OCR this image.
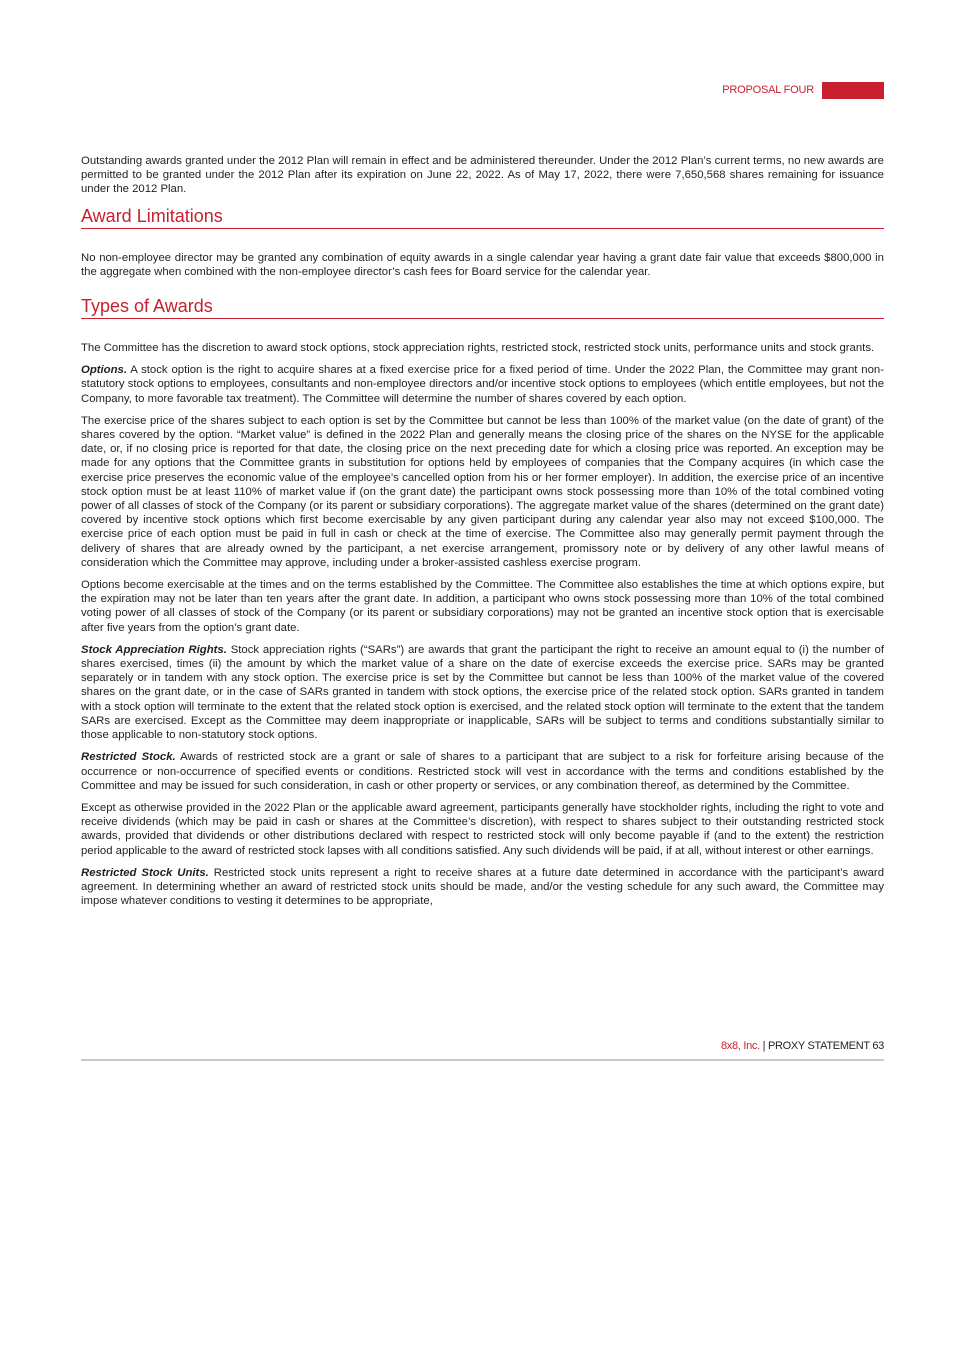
PROPOSAL FOUR

Outstanding awards granted under the 2012 Plan will remain in effect and be administered thereunder. Under the 2012 Plan’s current terms, no new awards are permitted to be granted under the 2012 Plan after its expiration on June 22, 2022. As of May 17, 2022, there were 7,650,568 shares remaining for issuance under the 2012 Plan.

Award Limitations

No non-employee director may be granted any combination of equity awards in a single calendar year having a grant date fair value that exceeds $800,000 in the aggregate when combined with the non-employee director’s cash fees for Board service for the calendar year.

Types of Awards

The Committee has the discretion to award stock options, stock appreciation rights, restricted stock, restricted stock units, performance units and stock grants.

Options. A stock option is the right to acquire shares at a fixed exercise price for a fixed period of time. Under the 2022 Plan, the Committee may grant non-statutory stock options to employees, consultants and non-employee directors and/or incentive stock options to employees (which entitle employees, but not the Company, to more favorable tax treatment). The Committee will determine the number of shares covered by each option.

The exercise price of the shares subject to each option is set by the Committee but cannot be less than 100% of the market value (on the date of grant) of the shares covered by the option. “Market value” is defined in the 2022 Plan and generally means the closing price of the shares on the NYSE for the applicable date, or, if no closing price is reported for that date, the closing price on the next preceding date for which a closing price was reported. An exception may be made for any options that the Committee grants in substitution for options held by employees of companies that the Company acquires (in which case the exercise price preserves the economic value of the employee’s cancelled option from his or her former employer). In addition, the exercise price of an incentive stock option must be at least 110% of market value if (on the grant date) the participant owns stock possessing more than 10% of the total combined voting power of all classes of stock of the Company (or its parent or subsidiary corporations). The aggregate market value of the shares (determined on the grant date) covered by incentive stock options which first become exercisable by any given participant during any calendar year also may not exceed $100,000. The exercise price of each option must be paid in full in cash or check at the time of exercise. The Committee also may generally permit payment through the delivery of shares that are already owned by the participant, a net exercise arrangement, promissory note or by delivery of any other lawful means of consideration which the Committee may approve, including under a broker-assisted cashless exercise program.

Options become exercisable at the times and on the terms established by the Committee. The Committee also establishes the time at which options expire, but the expiration may not be later than ten years after the grant date. In addition, a participant who owns stock possessing more than 10% of the total combined voting power of all classes of stock of the Company (or its parent or subsidiary corporations) may not be granted an incentive stock option that is exercisable after five years from the option’s grant date.

Stock Appreciation Rights. Stock appreciation rights (“SARs”) are awards that grant the participant the right to receive an amount equal to (i) the number of shares exercised, times (ii) the amount by which the market value of a share on the date of exercise exceeds the exercise price. SARs may be granted separately or in tandem with any stock option. The exercise price is set by the Committee but cannot be less than 100% of the market value of the covered shares on the grant date, or in the case of SARs granted in tandem with stock options, the exercise price of the related stock option. SARs granted in tandem with a stock option will terminate to the extent that the related stock option is exercised, and the related stock option will terminate to the extent that the tandem SARs are exercised. Except as the Committee may deem inappropriate or inapplicable, SARs will be subject to terms and conditions substantially similar to those applicable to non-statutory stock options.

Restricted Stock. Awards of restricted stock are a grant or sale of shares to a participant that are subject to a risk for forfeiture arising because of the occurrence or non-occurrence of specified events or conditions. Restricted stock will vest in accordance with the terms and conditions established by the Committee and may be issued for such consideration, in cash or other property or services, or any combination thereof, as determined by the Committee.

Except as otherwise provided in the 2022 Plan or the applicable award agreement, participants generally have stockholder rights, including the right to vote and receive dividends (which may be paid in cash or shares at the Committee’s discretion), with respect to shares subject to their outstanding restricted stock awards, provided that dividends or other distributions declared with respect to restricted stock will only become payable if (and to the extent) the restriction period applicable to the award of restricted stock lapses with all conditions satisfied. Any such dividends will be paid, if at all, without interest or other earnings.

Restricted Stock Units. Restricted stock units represent a right to receive shares at a future date determined in accordance with the participant’s award agreement. In determining whether an award of restricted stock units should be made, and/or the vesting schedule for any such award, the Committee may impose whatever conditions to vesting it determines to be appropriate,

8x8, Inc. | PROXY STATEMENT 63
